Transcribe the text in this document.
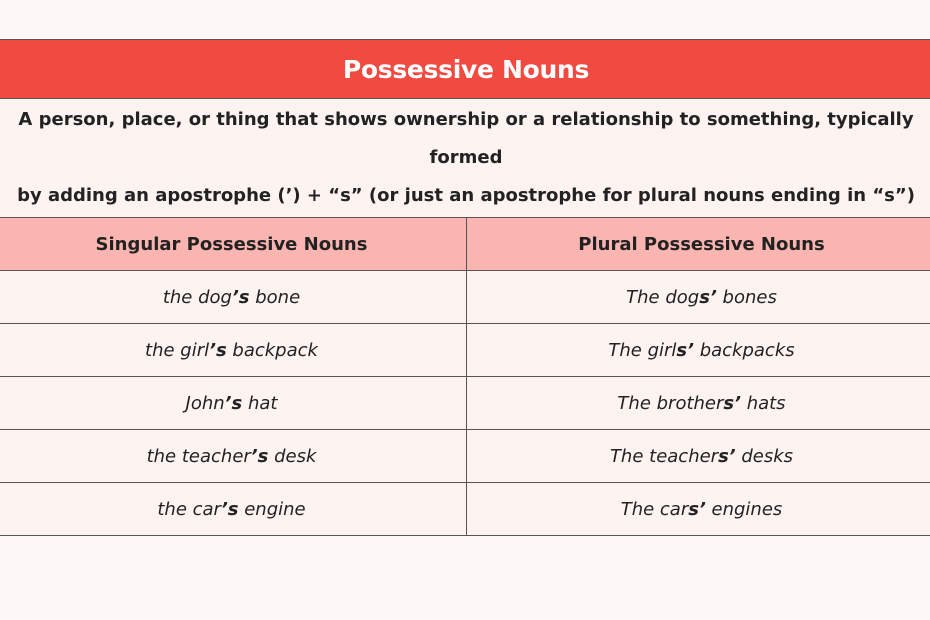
Possessive Nouns
A person, place, or thing that shows ownership or a relationship to something, typically formed
by adding an apostrophe (’) + “s” (or just an apostrophe for plural nouns ending in “s”)
Singular Possessive Nouns	Plural Possessive Nouns
the dog’s bone	The dogs’ bones
the girl’s backpack	The girls’ backpacks
John’s hat	The brothers’ hats
the teacher’s desk	The teachers’ desks
the car’s engine	The cars’ engines
